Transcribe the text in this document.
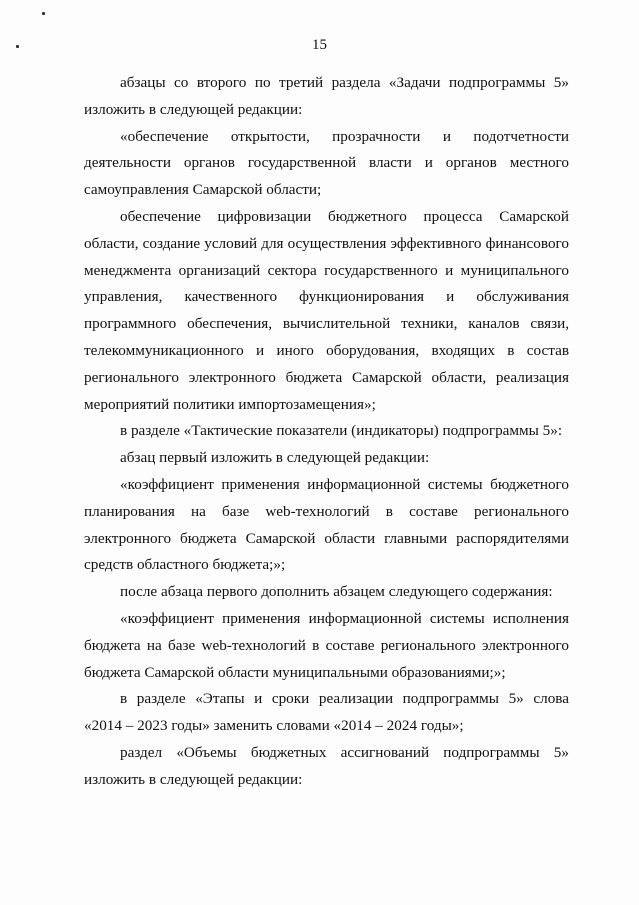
15
абзацы со второго по третий раздела «Задачи подпрограммы 5»
изложить в следующей редакции:
«обеспечение открытости, прозрачности и подотчетности
деятельности органов государственной власти и органов местного
самоуправления Самарской области;
обеспечение цифровизации бюджетного процесса Самарской
области, создание условий для осуществления эффективного финансового
менеджмента организаций сектора государственного и муниципального
управления, качественного функционирования и обслуживания
программного обеспечения, вычислительной техники, каналов связи,
телекоммуникационного и иного оборудования, входящих в состав
регионального электронного бюджета Самарской области, реализация
мероприятий политики импортозамещения»;
в разделе «Тактические показатели (индикаторы) подпрограммы 5»:
абзац первый изложить в следующей редакции:
«коэффициент применения информационной системы бюджетного
планирования на базе web-технологий в составе регионального
электронного бюджета Самарской области главными распорядителями
средств областного бюджета;»;
после абзаца первого дополнить абзацем следующего содержания:
«коэффициент применения информационной системы исполнения
бюджета на базе web-технологий в составе регионального электронного
бюджета Самарской области муниципальными образованиями;»;
в разделе «Этапы и сроки реализации подпрограммы 5» слова
«2014 – 2023 годы» заменить словами «2014 – 2024 годы»;
раздел «Объемы бюджетных ассигнований подпрограммы 5»
изложить в следующей редакции:
